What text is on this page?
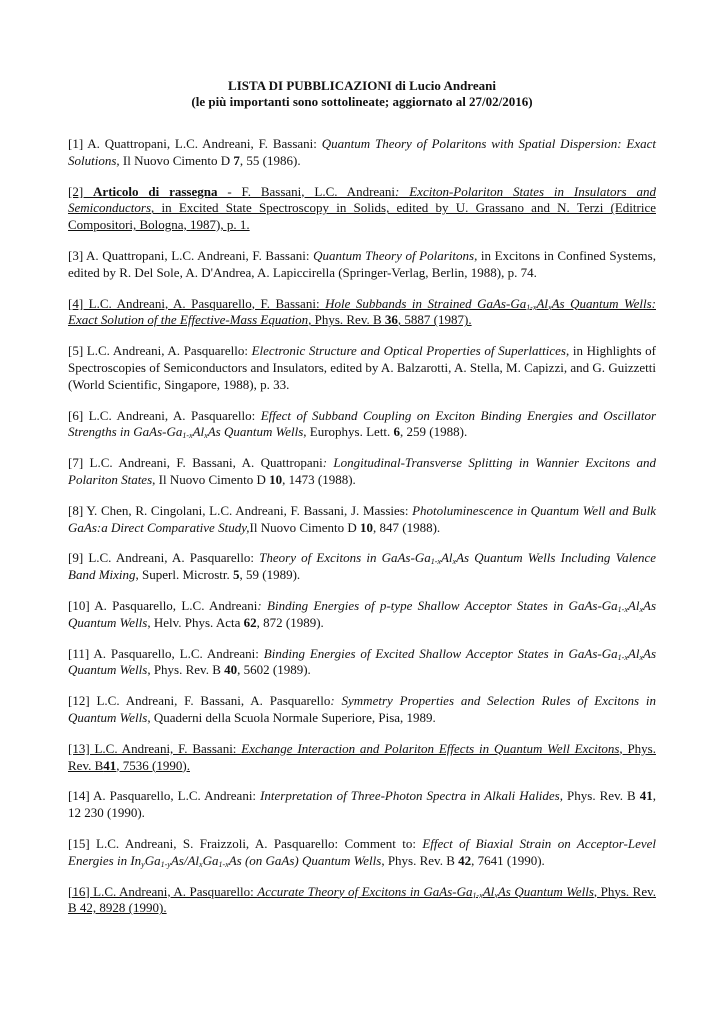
LISTA DI PUBBLICAZIONI di Lucio Andreani
(le più importanti sono sottolineate; aggiornato al 27/02/2016)

[1] A. Quattropani, L.C. Andreani, F. Bassani: Quantum Theory of Polaritons with Spatial Dispersion: Exact Solutions, Il Nuovo Cimento D 7, 55 (1986).

[2] Articolo di rassegna - F. Bassani, L.C. Andreani: Exciton-Polariton States in Insulators and Semiconductors, in Excited State Spectroscopy in Solids, edited by U. Grassano and N. Terzi (Editrice Compositori, Bologna, 1987), p. 1.

[3] A. Quattropani, L.C. Andreani, F. Bassani: Quantum Theory of Polaritons, in Excitons in Confined Systems, edited by R. Del Sole, A. D'Andrea, A. Lapiccirella (Springer-Verlag, Berlin, 1988), p. 74.

[4] L.C. Andreani, A. Pasquarello, F. Bassani: Hole Subbands in Strained GaAs-$Ga_{1-x}Al_xAs$ Quantum Wells: Exact Solution of the Effective-Mass Equation, Phys. Rev. B 36, 5887 (1987).

[5] L.C. Andreani, A. Pasquarello: Electronic Structure and Optical Properties of Superlattices, in Highlights of Spectroscopies of Semiconductors and Insulators, edited by A. Balzarotti, A. Stella, M. Capizzi, and G. Guizzetti (World Scientific, Singapore, 1988), p. 33.

[6] L.C. Andreani, A. Pasquarello: Effect of Subband Coupling on Exciton Binding Energies and Oscillator Strengths in GaAs-$Ga_{1-x}Al_xAs$ Quantum Wells, Europhys. Lett. 6, 259 (1988).

[7] L.C. Andreani, F. Bassani, A. Quattropani: Longitudinal-Transverse Splitting in Wannier Excitons and Polariton States, Il Nuovo Cimento D 10, 1473 (1988).

[8] Y. Chen, R. Cingolani, L.C. Andreani, F. Bassani, J. Massies: Photoluminescence in Quantum Well and Bulk GaAs:a Direct Comparative Study,Il Nuovo Cimento D 10, 847 (1988).

[9] L.C. Andreani, A. Pasquarello: Theory of Excitons in GaAs-$Ga_{1-x}Al_xAs$ Quantum Wells Including Valence Band Mixing, Superl. Microstr. 5, 59 (1989).

[10] A. Pasquarello, L.C. Andreani: Binding Energies of p-type Shallow Acceptor States in GaAs-$Ga_{1-x}Al_xAs$ Quantum Wells, Helv. Phys. Acta 62, 872 (1989).

[11] A. Pasquarello, L.C. Andreani: Binding Energies of Excited Shallow Acceptor States in GaAs-$Ga_{1-x}Al_xAs$ Quantum Wells, Phys. Rev. B 40, 5602 (1989).

[12] L.C. Andreani, F. Bassani, A. Pasquarello: Symmetry Properties and Selection Rules of Excitons in Quantum Wells, Quaderni della Scuola Normale Superiore, Pisa, 1989.

[13] L.C. Andreani, F. Bassani: Exchange Interaction and Polariton Effects in Quantum Well Excitons, Phys. Rev. B41, 7536 (1990).

[14] A. Pasquarello, L.C. Andreani: Interpretation of Three-Photon Spectra in Alkali Halides, Phys. Rev. B 41, 12 230 (1990).

[15] L.C. Andreani, S. Fraizzoli, A. Pasquarello: Comment to: Effect of Biaxial Strain on Acceptor-Level Energies in $In_yGa_{1-y}As/Al_xGa_{1-x}As$ (on GaAs) Quantum Wells, Phys. Rev. B 42, 7641 (1990).

[16] L.C. Andreani, A. Pasquarello: Accurate Theory of Excitons in GaAs-$Ga_{1-x}Al_xAs$ Quantum Wells, Phys. Rev. B 42, 8928 (1990).
